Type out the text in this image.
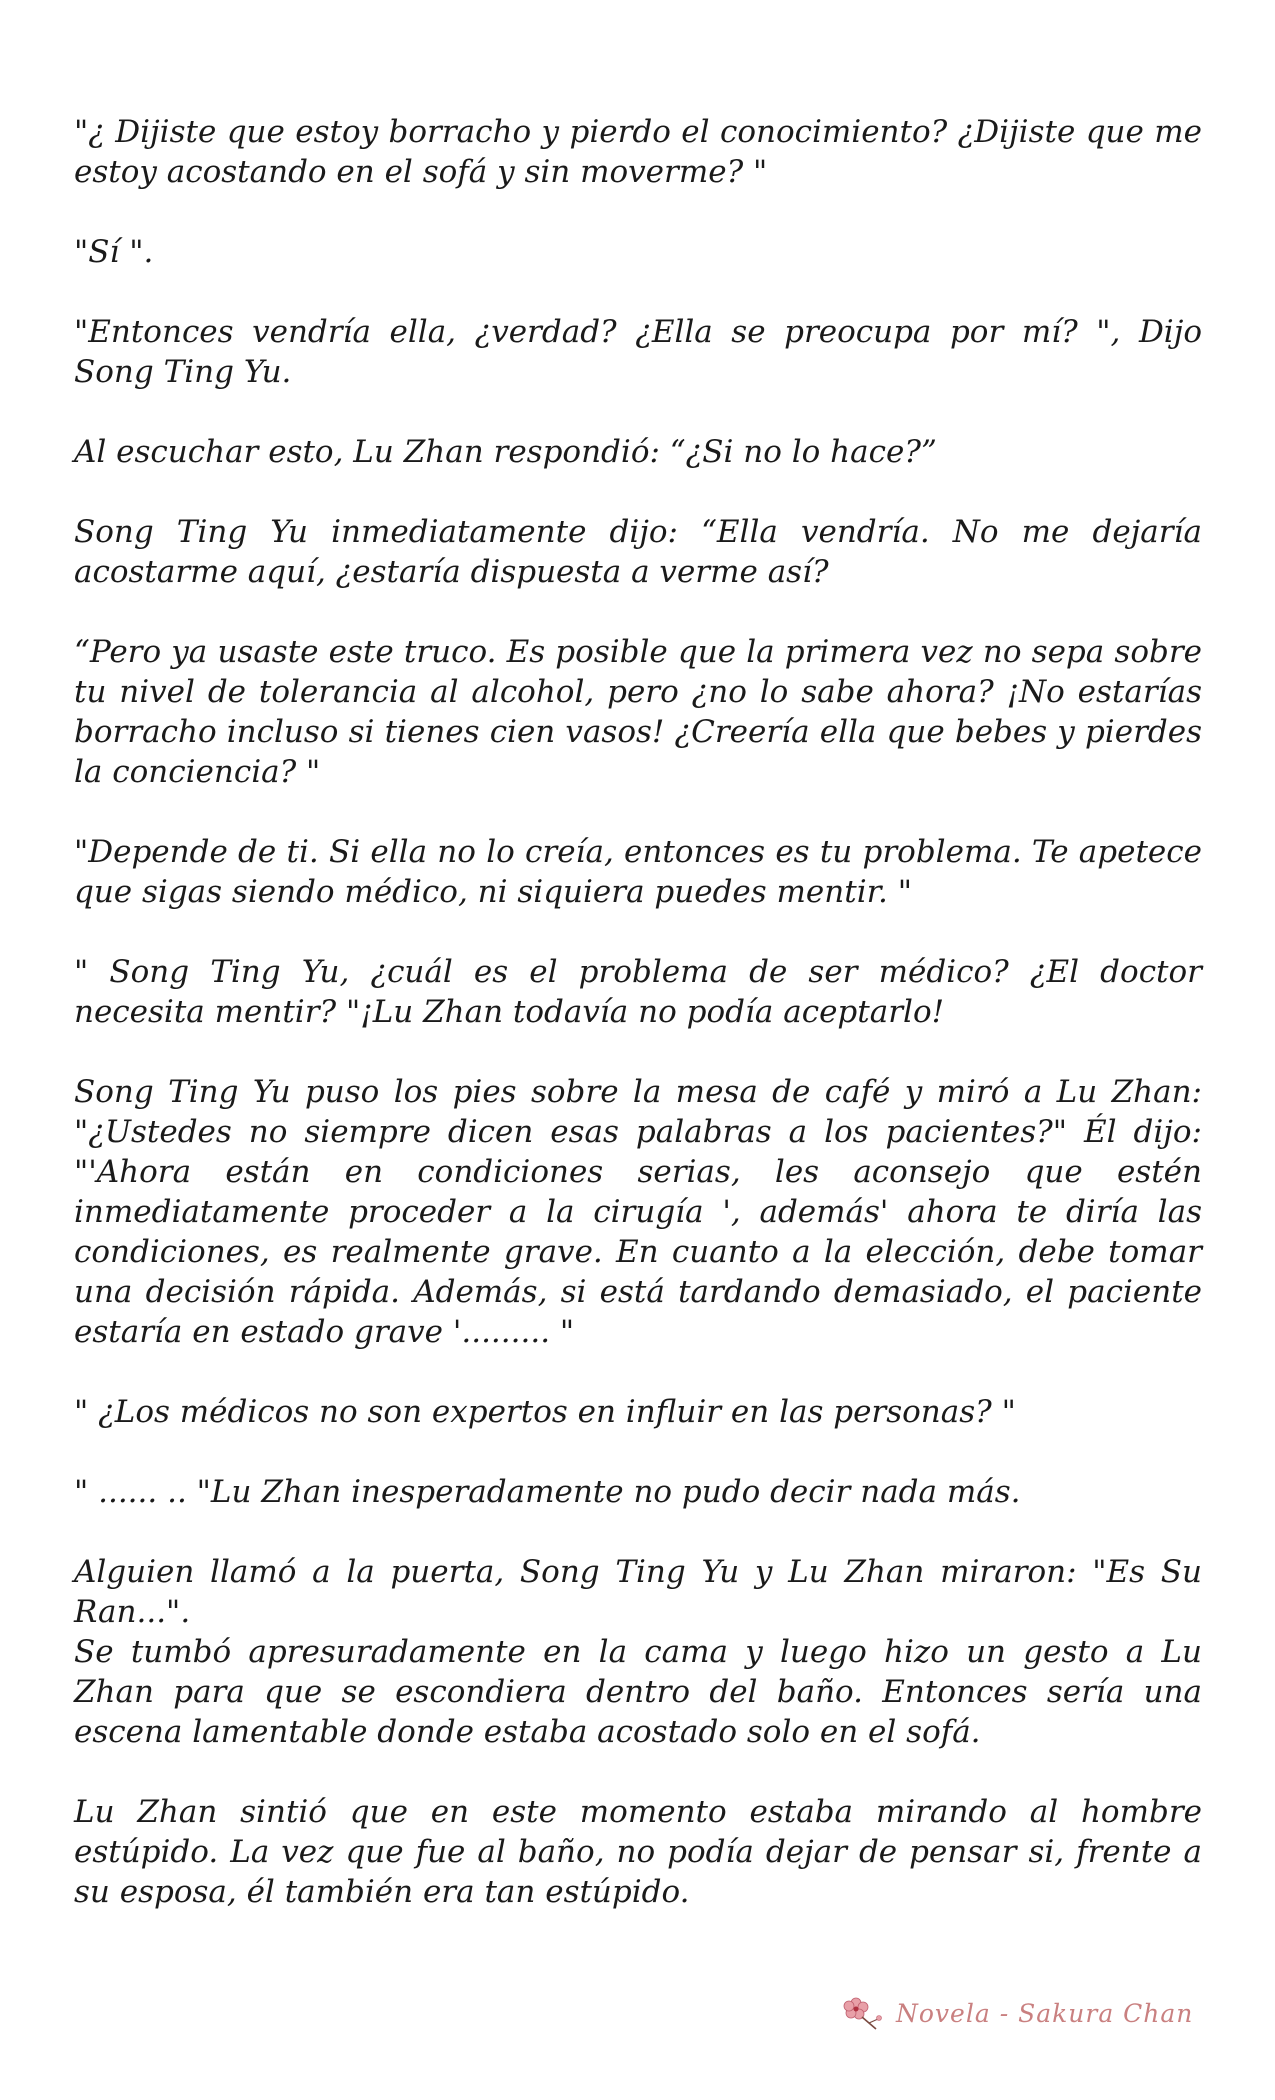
"¿ Dijiste que estoy borracho y pierdo el conocimiento? ¿Dijiste que me estoy acostando en el sofá y sin moverme? "

"Sí ".

"Entonces vendría ella, ¿verdad? ¿Ella se preocupa por mí? ", Dijo Song Ting Yu.

Al escuchar esto, Lu Zhan respondió: “¿Si no lo hace?”

Song Ting Yu inmediatamente dijo: “Ella vendría. No me dejaría acostarme aquí, ¿estaría dispuesta a verme así?

“Pero ya usaste este truco. Es posible que la primera vez no sepa sobre tu nivel de tolerancia al alcohol, pero ¿no lo sabe ahora? ¡No estarías borracho incluso si tienes cien vasos! ¿Creería ella que bebes y pierdes la conciencia? "

"Depende de ti. Si ella no lo creía, entonces es tu problema. Te apetece que sigas siendo médico, ni siquiera puedes mentir. "

" Song Ting Yu, ¿cuál es el problema de ser médico? ¿El doctor necesita mentir? "¡Lu Zhan todavía no podía aceptarlo!

Song Ting Yu puso los pies sobre la mesa de café y miró a Lu Zhan: "¿Ustedes no siempre dicen esas palabras a los pacientes?" Él dijo: "'Ahora están en condiciones serias, les aconsejo que estén inmediatamente proceder a la cirugía ', además' ahora te diría las condiciones, es realmente grave. En cuanto a la elección, debe tomar una decisión rápida. Además, si está tardando demasiado, el paciente estaría en estado grave '......... "

" ¿Los médicos no son expertos en influir en las personas? "

" ...... .. "Lu Zhan inesperadamente no pudo decir nada más.

Alguien llamó a la puerta, Song Ting Yu y Lu Zhan miraron: "Es Su Ran...".
Se tumbó apresuradamente en la cama y luego hizo un gesto a Lu Zhan para que se escondiera dentro del baño. Entonces sería una escena lamentable donde estaba acostado solo en el sofá.

Lu Zhan sintió que en este momento estaba mirando al hombre estúpido. La vez que fue al baño, no podía dejar de pensar si, frente a su esposa, él también era tan estúpido.

Novela - Sakura Chan
